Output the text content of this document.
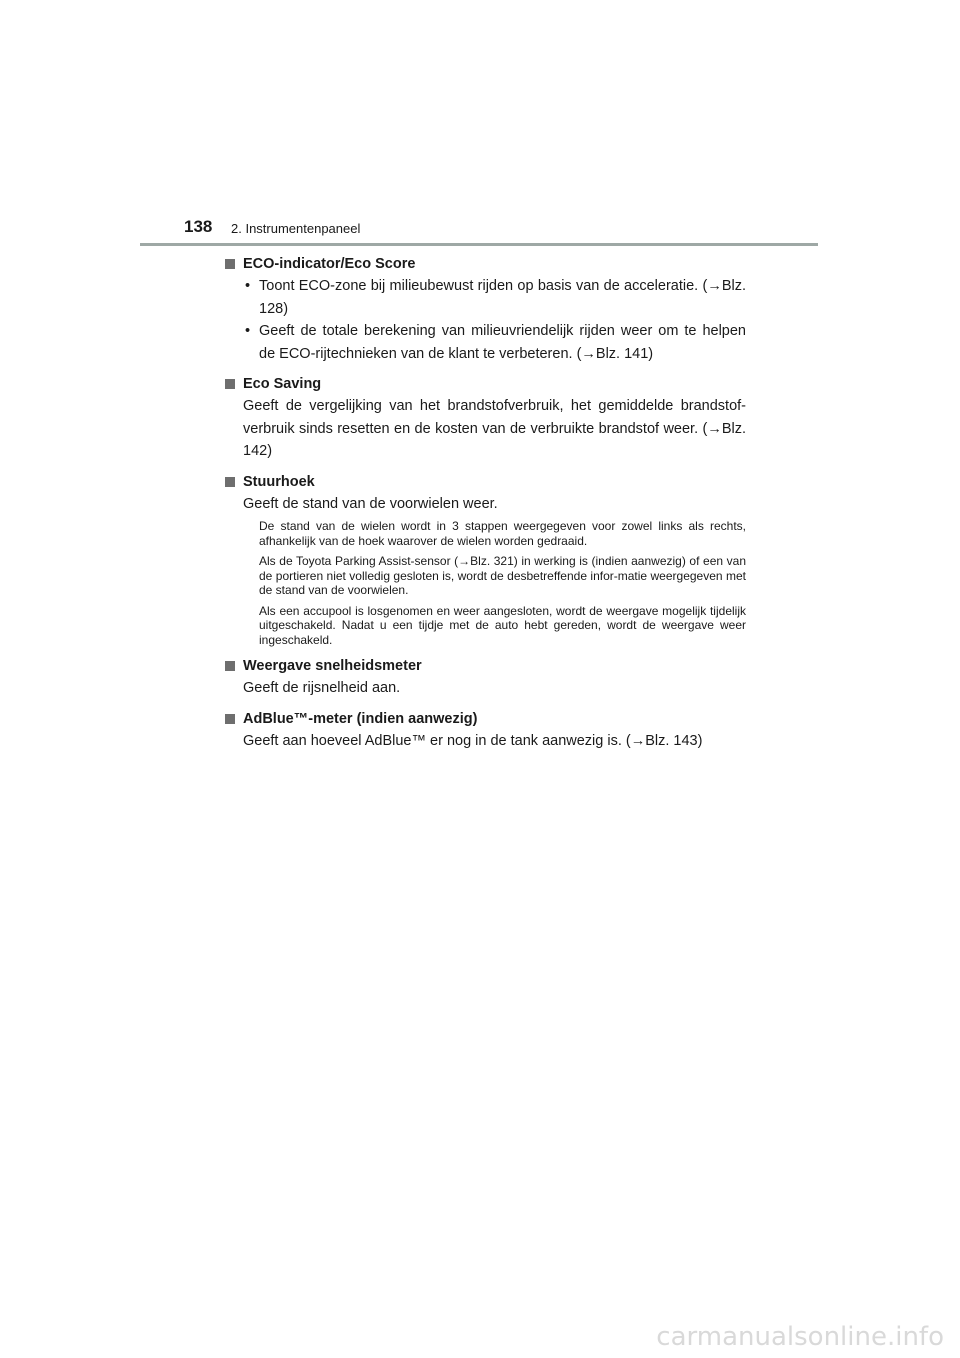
138 2. Instrumentenpaneel
ECO-indicator/Eco Score
• Toont ECO-zone bij milieubewust rijden op basis van de acceleratie. (→Blz. 128)
• Geeft de totale berekening van milieuvriendelijk rijden weer om te helpen de ECO-rijtechnieken van de klant te verbeteren. (→Blz. 141)
Eco Saving
Geeft de vergelijking van het brandstofverbruik, het gemiddelde brandstof-verbruik sinds resetten en de kosten van de verbruikte brandstof weer. (→Blz. 142)
Stuurhoek
Geeft de stand van de voorwielen weer.
De stand van de wielen wordt in 3 stappen weergegeven voor zowel links als rechts, afhankelijk van de hoek waarover de wielen worden gedraaid.
Als de Toyota Parking Assist-sensor (→Blz. 321) in werking is (indien aanwezig) of een van de portieren niet volledig gesloten is, wordt de desbetreffende infor-matie weergegeven met de stand van de voorwielen.
Als een accupool is losgenomen en weer aangesloten, wordt de weergave mogelijk tijdelijk uitgeschakeld. Nadat u een tijdje met de auto hebt gereden, wordt de weergave weer ingeschakeld.
Weergave snelheidsmeter
Geeft de rijsnelheid aan.
AdBlue™-meter (indien aanwezig)
Geeft aan hoeveel AdBlue™ er nog in de tank aanwezig is. (→Blz. 143)
carmanualsonline.info
